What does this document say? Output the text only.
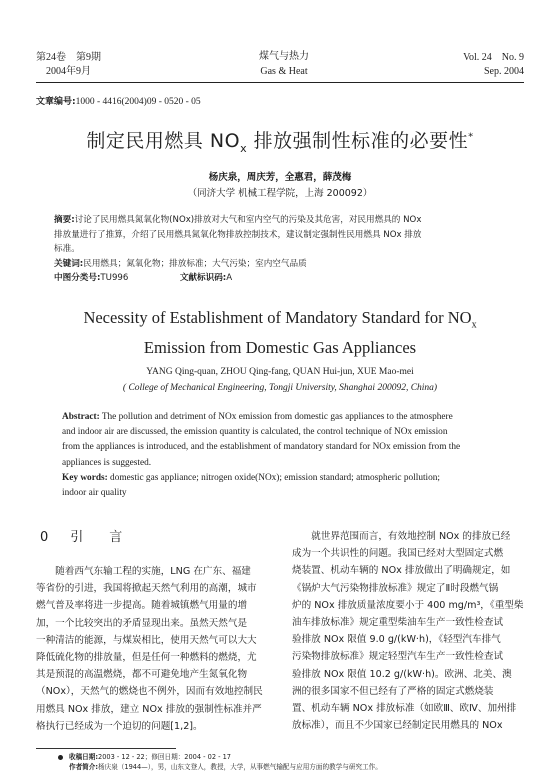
第24卷　第9期
2004年9月
煤气与热力
Gas & Heat
Vol. 24　No. 9
Sep. 2004
文章编号:1000 - 4416(2004)09 - 0520 - 05
制定民用燃具 $NO_x$ 排放强制性标准的必要性*
杨庆泉，周庆芳，全惠君，薛茂梅
（同济大学 机械工程学院，上海 200092）
摘要:讨论了民用燃具氮氧化物(NOx)排放对大气和室内空气的污染及其危害，对民用燃具的 NOx
排放量进行了推算，介绍了民用燃具氮氧化物排放控制技术，建议制定强制性民用燃具 NOx 排放
标准。
关键词:民用燃具；氮氧化物；排放标准；大气污染；室内空气品质
中图分类号:TU996	文献标识码:A
Necessity of Establishment of Mandatory Standard for $NO_x$
Emission from Domestic Gas Appliances
YANG Qing-quan, ZHOU Qing-fang, QUAN Hui-jun, XUE Mao-mei
( College of Mechanical Engineering, Tongji University, Shanghai 200092, China)
Abstract: The pollution and detriment of NOx emission from domestic gas appliances to the atmosphere
and indoor air are discussed, the emission quantity is calculated, the control technique of NOx emission
from the appliances is introduced, and the establishment of mandatory standard for NOx emission from the
appliances is suggested.
Key words: domestic gas appliance; nitrogen oxide(NOx); emission standard; atmospheric pollution;
indoor air quality
0 引　　言
　　随着西气东输工程的实施，LNG 在广东、福建
等省份的引进，我国将掀起天然气利用的高潮，城市
燃气普及率将进一步提高。随着城镇燃气用量的增
加，一个比较突出的矛盾显现出来。虽然天然气是
一种清洁的能源，与煤炭相比，使用天然气可以大大
降低硫化物的排放量，但是任何一种燃料的燃烧，尤
其是预混的高温燃烧，都不可避免地产生氮氧化物
（NOx），天然气的燃烧也不例外，因而有效地控制民
用燃具 NOx 排放，建立 NOx 排放的强制性标准并严
格执行已经成为一个迫切的问题[1,2]。
　　就世界范围而言，有效地控制 NOx 的排放已经
成为一个共识性的问题。我国已经对大型固定式燃
烧装置、机动车辆的 NOx 排放做出了明确规定，如
《锅炉大气污染物排放标准》规定了Ⅱ时段燃气锅
炉的 NOx 排放质量浓度要小于 400 mg/m³，《重型柴
油车排放标准》规定重型柴油车生产一致性检查试
验排放 NOx 限值 9.0 g/(kW·h)，《轻型汽车排气
污染物排放标准》规定轻型汽车生产一致性检查试
验排放 NOx 限值 10.2 g/(kW·h)。欧洲、北美、澳
洲的很多国家不但已经有了严格的固定式燃烧装
置、机动车辆 NOx 排放标准（如欧Ⅲ、欧Ⅳ、加州排
放标准），而且不少国家已经制定民用燃具的 NOx
收稿日期:2003 - 12 - 22；修回日期：2004 - 02 - 17
作者简介:杨庆泉（1944—），男，山东文登人，教授，大学，从事燃气输配与应用方面的教学与研究工作。
